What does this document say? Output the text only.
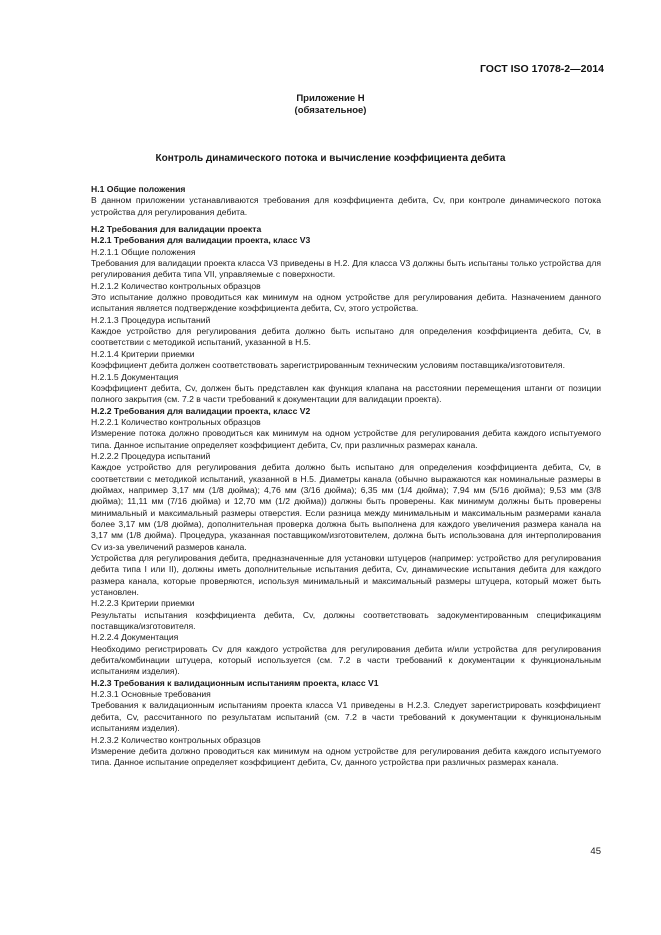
ГОСТ ISO 17078-2—2014
Приложение Н
(обязательное)
Контроль динамического потока и вычисление коэффициента дебита

Н.1 Общие положения

В данном приложении устанавливаются требования для коэффициента дебита, Cv, при контроле динамического потока устройства для регулирования дебита.

Н.2 Требования для валидации проекта

Н.2.1 Требования для валидации проекта, класс V3

Н.2.1.1 Общие положения

Требования для валидации проекта класса V3 приведены в Н.2. Для класса V3 должны быть испытаны только устройства для регулирования дебита типа VII, управляемые с поверхности.

Н.2.1.2 Количество контрольных образцов

Это испытание должно проводиться как минимум на одном устройстве для регулирования дебита. Назначением данного испытания является подтверждение коэффициента дебита, Cv, этого устройства.

Н.2.1.3 Процедура испытаний

Каждое устройство для регулирования дебита должно быть испытано для определения коэффициента дебита, Cv, в соответствии с методикой испытаний, указанной в Н.5.

Н.2.1.4 Критерии приемки

Коэффициент дебита должен соответствовать зарегистрированным техническим условиям поставщика/изготовителя.

Н.2.1.5 Документация

Коэффициент дебита, Cv, должен быть представлен как функция клапана на расстоянии перемещения штанги от позиции полного закрытия (см. 7.2 в части требований к документации для валидации проекта).

Н.2.2 Требования для валидации проекта, класс V2

Н.2.2.1 Количество контрольных образцов

Измерение потока должно проводиться как минимум на одном устройстве для регулирования дебита каждого испытуемого типа. Данное испытание определяет коэффициент дебита, Cv, при различных размерах канала.

Н.2.2.2 Процедура испытаний

Каждое устройство для регулирования дебита должно быть испытано для определения коэффициента дебита, Cv, в соответствии с методикой испытаний, указанной в Н.5. Диаметры канала (обычно выражаются как номинальные размеры в дюймах, например 3,17 мм (1/8 дюйма); 4,76 мм (3/16 дюйма); 6,35 мм (1/4 дюйма); 7,94 мм (5/16 дюйма); 9,53 мм (3/8 дюйма); 11,11 мм (7/16 дюйма) и 12,70 мм (1/2 дюйма)) должны быть проверены. Как минимум должны быть проверены минимальный и максимальный размеры отверстия. Если разница между минимальным и максимальным размерами канала более 3,17 мм (1/8 дюйма), дополнительная проверка должна быть выполнена для каждого увеличения размера канала на 3,17 мм (1/8 дюйма). Процедура, указанная поставщиком/изготовителем, должна быть использована для интерполирования Cv из-за увеличений размеров канала.

Устройства для регулирования дебита, предназначенные для установки штуцеров (например: устройство для регулирования дебита типа I или II), должны иметь дополнительные испытания дебита, Cv, динамические испытания дебита для каждого размера канала, которые проверяются, используя минимальный и максимальный размеры штуцера, который может быть установлен.

Н.2.2.3 Критерии приемки

Результаты испытания коэффициента дебита, Cv, должны соответствовать задокументированным спецификациям поставщика/изготовителя.

Н.2.2.4 Документация

Необходимо регистрировать Cv для каждого устройства для регулирования дебита и/или устройства для регулирования дебита/комбинации штуцера, который используется (см. 7.2 в части требований к документации к функциональным испытаниям изделия).

Н.2.3 Требования к валидационным испытаниям проекта, класс V1

Н.2.3.1 Основные требования

Требования к валидационным испытаниям проекта класса V1 приведены в Н.2.3. Следует зарегистрировать коэффициент дебита, Cv, рассчитанного по результатам испытаний (см. 7.2 в части требований к документации к функциональным испытаниям изделия).

Н.2.3.2 Количество контрольных образцов

Измерение дебита должно проводиться как минимум на одном устройстве для регулирования дебита каждого испытуемого типа. Данное испытание определяет коэффициент дебита, Cv, данного устройства при различных размерах канала.

45
